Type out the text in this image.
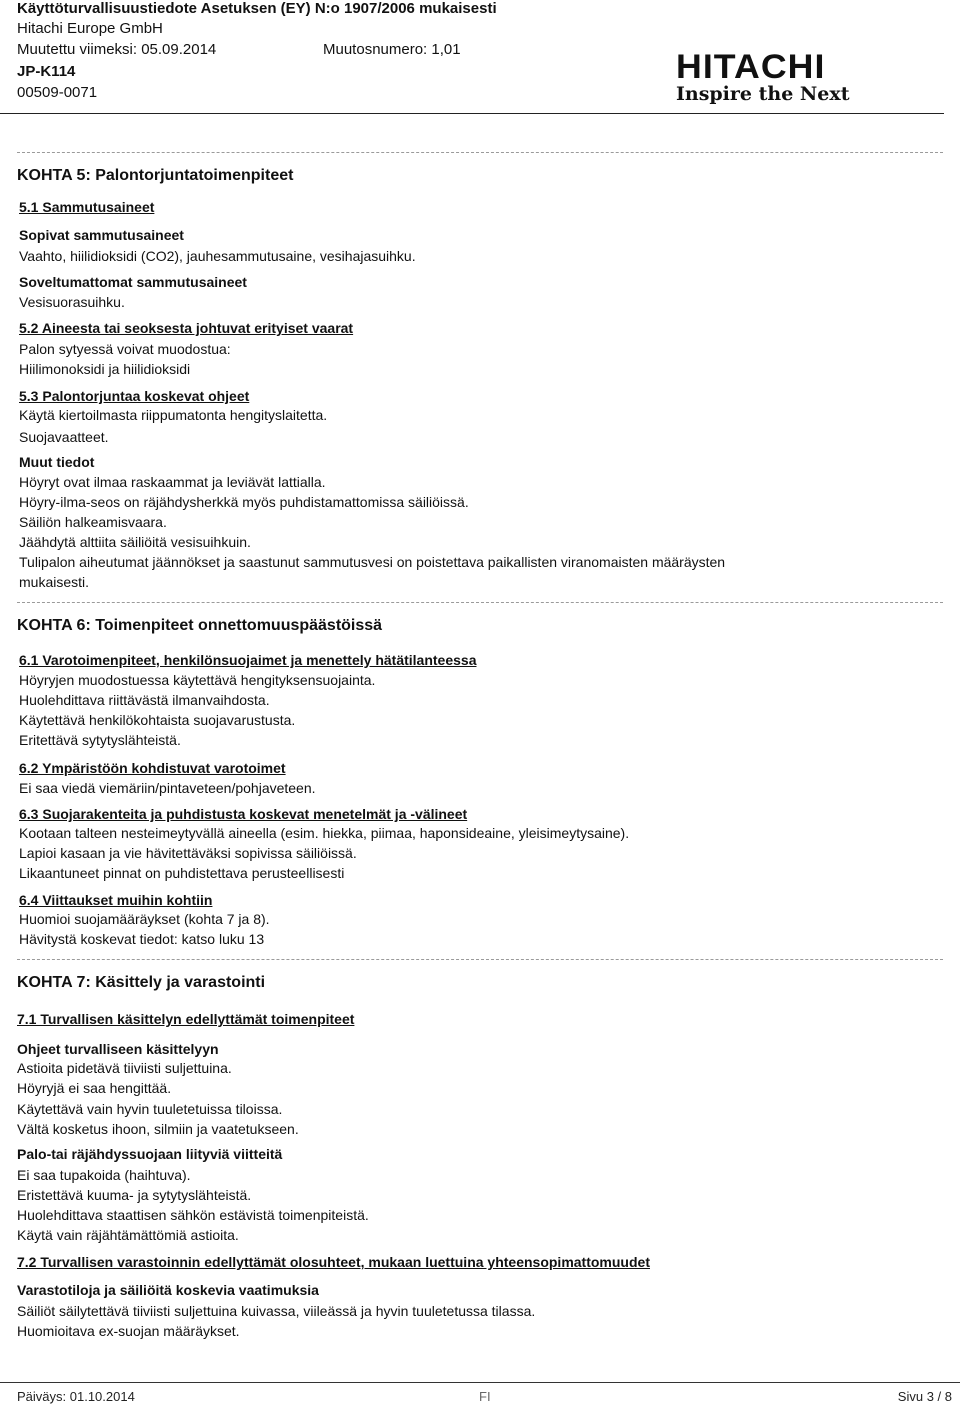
Käyttöturvallisuustiedote Asetuksen (EY) N:o 1907/2006 mukaisesti
Hitachi Europe GmbH
Muutettu viimeksi: 05.09.2014	Muutosnumero: 1,01
JP-K114
00509-0071
HITACHI
Inspire the Next
KOHTA 5: Palontorjuntatoimenpiteet
5.1 Sammutusaineet
Sopivat sammutusaineet
Vaahto, hiilidioksidi (CO2), jauhesammutusaine, vesihajasuihku.
Soveltumattomat sammutusaineet
Vesisuorasuihku.
5.2 Aineesta tai seoksesta johtuvat erityiset vaarat
Palon sytyessä voivat muodostua:
Hiilimonoksidi ja hiilidioksidi
5.3 Palontorjuntaa koskevat ohjeet
Käytä kiertoilmasta riippumatonta hengityslaitetta.
Suojavaatteet.
Muut tiedot
Höyryt ovat ilmaa raskaammat ja leviävät lattialla.
Höyry-ilma-seos on räjähdysherkkä myös puhdistamattomissa säiliöissä.
Säiliön halkeamisvaara.
Jäähdytä alttiita säiliöitä vesisuihkuin.
Tulipalon aiheutumat jäännökset ja saastunut sammutusvesi on poistettava paikallisten viranomaisten määräysten
mukaisesti.
KOHTA 6: Toimenpiteet onnettomuuspäästöissä
6.1 Varotoimenpiteet, henkilönsuojaimet ja menettely hätätilanteessa
Höyryjen muodostuessa käytettävä hengityksensuojainta.
Huolehdittava riittävästä ilmanvaihdosta.
Käytettävä henkilökohtaista suojavarustusta.
Eritettävä sytytyslähteistä.
6.2 Ympäristöön kohdistuvat varotoimet
Ei saa viedä viemäriin/pintaveteen/pohjaveteen.
6.3 Suojarakenteita ja puhdistusta koskevat menetelmät ja -välineet
Kootaan talteen nesteimeytyvällä aineella (esim. hiekka, piimaa, haponsideaine, yleisimeytysaine).
Lapioi kasaan ja vie hävitettäväksi sopivissa säiliöissä.
Likaantuneet pinnat on puhdistettava perusteellisesti
6.4 Viittaukset muihin kohtiin
Huomioi suojamääräykset (kohta 7 ja 8).
Hävitystä koskevat tiedot: katso luku 13
KOHTA 7: Käsittely ja varastointi
7.1 Turvallisen käsittelyn edellyttämät toimenpiteet
Ohjeet turvalliseen käsittelyyn
Astioita pidetävä tiiviisti suljettuina.
Höyryjä ei saa hengittää.
Käytettävä vain hyvin tuuletetuissa tiloissa.
Vältä kosketus ihoon, silmiin ja vaatetukseen.
Palo-tai räjähdyssuojaan liityviä viitteitä
Ei saa tupakoida (haihtuva).
Eristettävä kuuma- ja sytytyslähteistä.
Huolehdittava staattisen sähkön estävistä toimenpiteistä.
Käytä vain räjähtämättömiä astioita.
7.2 Turvallisen varastoinnin edellyttämät olosuhteet, mukaan luettuina yhteensopimattomuudet
Varastotiloja ja säiliöitä koskevia vaatimuksia
Säiliöt säilytettävä tiiviisti suljettuina kuivassa, viileässä ja hyvin tuuletetussa tilassa.
Huomioitava ex-suojan määräykset.
Päiväys: 01.10.2014	FI	Sivu 3 / 8
